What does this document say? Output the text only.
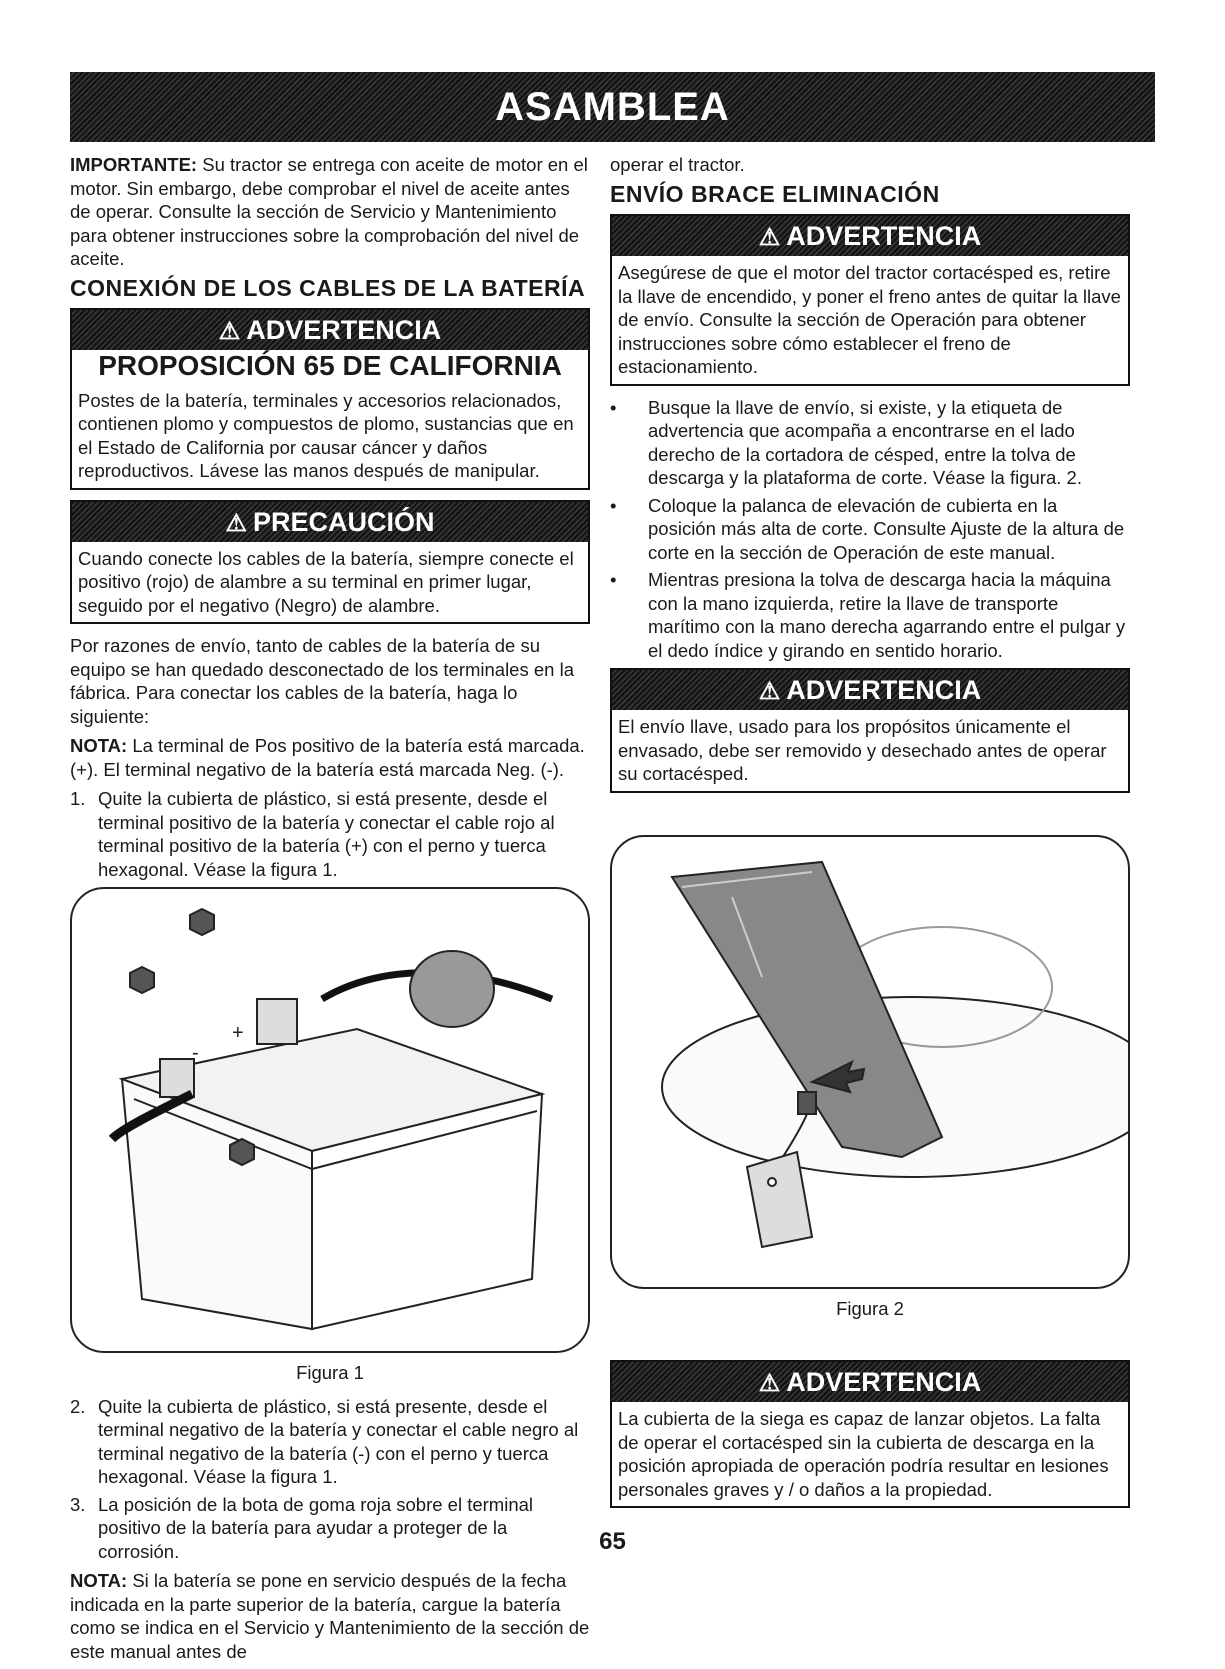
ASAMBLEA

IMPORTANTE: Su tractor se entrega con aceite de motor en el motor. Sin embargo, debe comprobar el nivel de aceite antes de operar. Consulte la sección de Servicio y Mantenimiento para obtener instrucciones sobre la comprobación del nivel de aceite.

CONEXIÓN DE LOS CABLES DE LA BATERÍA
⚠ ADVERTENCIA
PROPOSICIÓN 65 DE CALIFORNIA
Postes de la batería, terminales y accesorios relacionados, contienen plomo y compuestos de plomo, sustancias que en el Estado de California por causar cáncer y daños reproductivos. Lávese las manos después de manipular.
⚠ PRECAUCIÓN
Cuando conecte los cables de la batería, siempre conecte el positivo (rojo) de alambre a su terminal en primer lugar, seguido por el negativo (Negro) de alambre.

Por razones de envío, tanto de cables de la batería de su equipo se han quedado desconectado de los terminales en la fábrica. Para conectar los cables de la batería, haga lo siguiente:

NOTA: La terminal de Pos positivo de la batería está marcada. (+). El terminal negativo de la batería está marcada Neg. (-).

1. Quite la cubierta de plástico, si está presente, desde el terminal positivo de la batería y conectar el cable rojo al terminal positivo de la batería (+) con el perno y tuerca hexagonal. Véase la figura 1.
+
-
Figura 1
2. Quite la cubierta de plástico, si está presente, desde el terminal negativo de la batería y conectar el cable negro al terminal negativo de la batería (-) con el perno y tuerca hexagonal. Véase la figura 1.
3. La posición de la bota de goma roja sobre el terminal positivo de la batería para ayudar a proteger de la corrosión.

NOTA: Si la batería se pone en servicio después de la fecha indicada en la parte superior de la batería, cargue la batería como se indica en el Servicio y Mantenimiento de la sección de este manual antes de

operar el tractor.

ENVÍO BRACE ELIMINACIÓN
⚠ ADVERTENCIA
Asegúrese de que el motor del tractor cortacésped es, retire la llave de encendido, y poner el freno antes de quitar la llave de envío. Consulte la sección de Operación para obtener instrucciones sobre cómo establecer el freno de estacionamiento.
•	Busque la llave de envío, si existe, y la etiqueta de advertencia que acompaña a encontrarse en el lado derecho de la cortadora de césped, entre la tolva de descarga y la plataforma de corte. Véase la figura. 2.
•	Coloque la palanca de elevación de cubierta en la posición más alta de corte. Consulte Ajuste de la altura de corte en la sección de Operación de este manual.
•	Mientras presiona la tolva de descarga hacia la máquina con la mano izquierda, retire la llave de transporte marítimo con la mano derecha agarrando entre el pulgar y el dedo índice y girando en sentido horario.
⚠ ADVERTENCIA
El envío llave, usado para los propósitos únicamente el envasado, debe ser removido y desechado antes de operar su cortacésped.
Figura 2
⚠ ADVERTENCIA
La cubierta de la siega es capaz de lanzar objetos. La falta de operar el cortacésped sin la cubierta de descarga en la posición apropiada de operación podría resultar en lesiones personales graves y / o daños a la propiedad.
65
